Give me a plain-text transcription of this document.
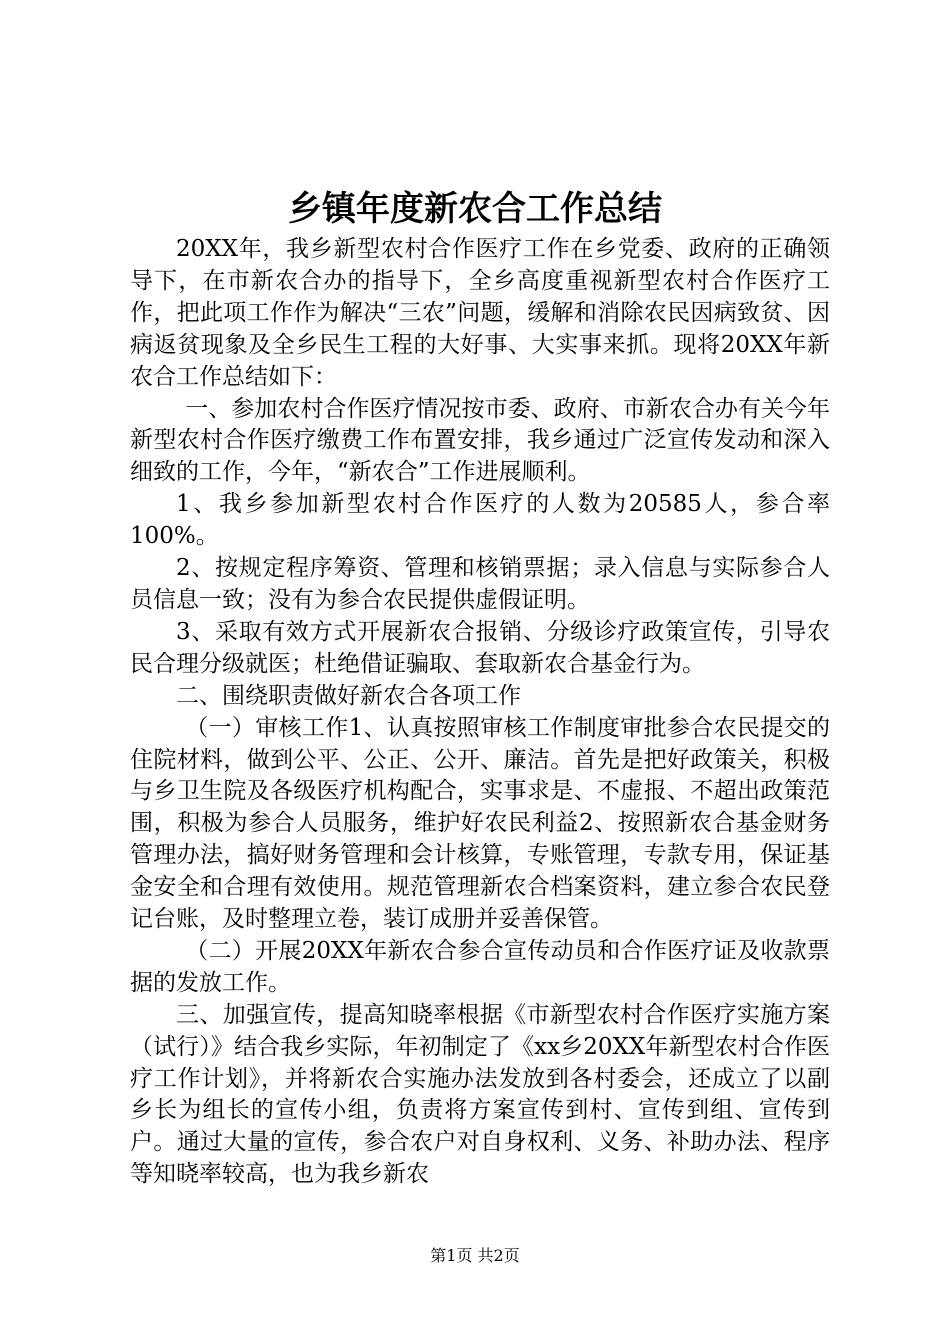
乡镇年度新农合工作总结

20XX年，我乡新型农村合作医疗工作在乡党委、政府的正确领导下，在市新农合办的指导下，全乡高度重视新型农村合作医疗工作，把此项工作作为解决“三农”问题，缓解和消除农民因病致贫、因病返贫现象及全乡民生工程的大好事、大实事来抓。现将20XX年新农合工作总结如下：

一、参加农村合作医疗情况按市委、政府、市新农合办有关今年新型农村合作医疗缴费工作布置安排，我乡通过广泛宣传发动和深入细致的工作，今年，“新农合”工作进展顺利。

1、我乡参加新型农村合作医疗的人数为20585人，参合率100%。

2、按规定程序筹资、管理和核销票据；录入信息与实际参合人员信息一致；没有为参合农民提供虚假证明。

3、采取有效方式开展新农合报销、分级诊疗政策宣传，引导农民合理分级就医；杜绝借证骗取、套取新农合基金行为。

二、围绕职责做好新农合各项工作

（一）审核工作1、认真按照审核工作制度审批参合农民提交的住院材料，做到公平、公正、公开、廉洁。首先是把好政策关，积极与乡卫生院及各级医疗机构配合，实事求是、不虚报、不超出政策范围，积极为参合人员服务，维护好农民利益2、按照新农合基金财务管理办法，搞好财务管理和会计核算，专账管理，专款专用，保证基金安全和合理有效使用。规范管理新农合档案资料，建立参合农民登记台账，及时整理立卷，装订成册并妥善保管。

（二）开展20XX年新农合参合宣传动员和合作医疗证及收款票据的发放工作。

三、加强宣传，提高知晓率根据《市新型农村合作医疗实施方案（试行）》结合我乡实际，年初制定了《xx乡20XX年新型农村合作医疗工作计划》，并将新农合实施办法发放到各村委会，还成立了以副乡长为组长的宣传小组，负责将方案宣传到村、宣传到组、宣传到户。通过大量的宣传，参合农户对自身权利、义务、补助办法、程序等知晓率较高，也为我乡新农

第1页 共2页
